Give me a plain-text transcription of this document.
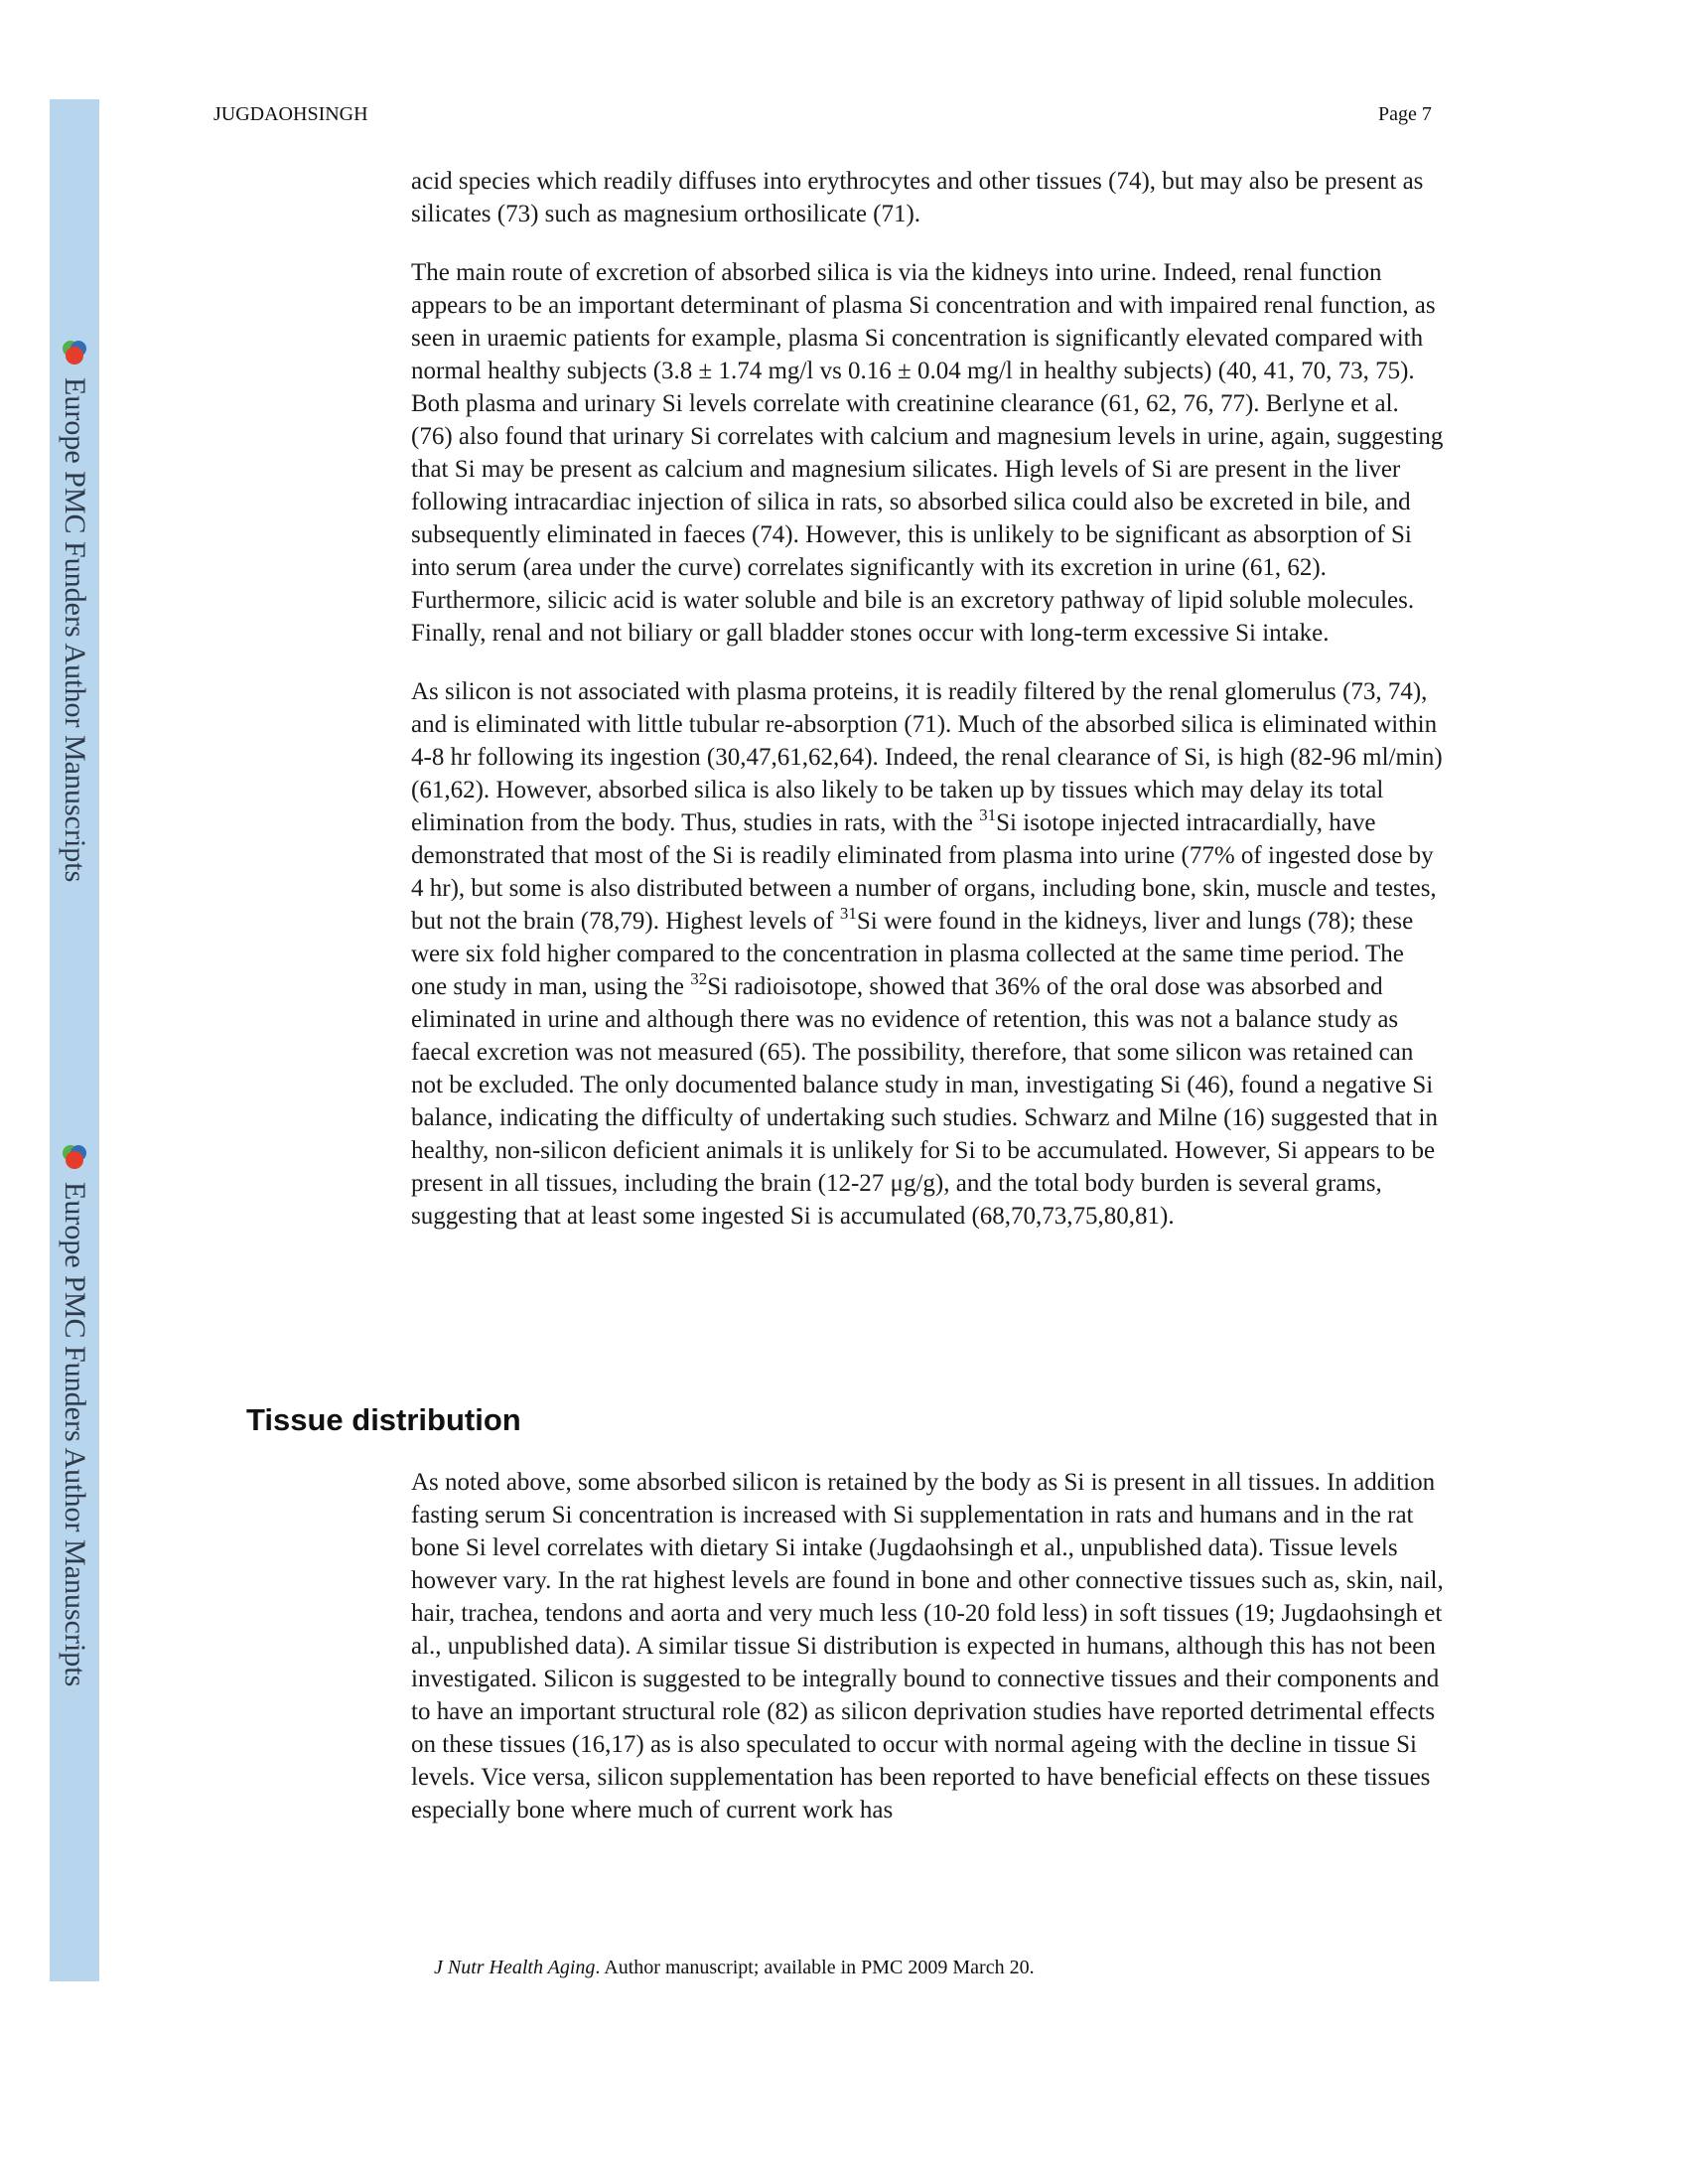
Europe PMC Funders Author Manuscripts
Europe PMC Funders Author Manuscripts
JUGDAOHSINGH	Page 7

acid species which readily diffuses into erythrocytes and other tissues (74), but may also be present as silicates (73) such as magnesium orthosilicate (71).

The main route of excretion of absorbed silica is via the kidneys into urine. Indeed, renal function appears to be an important determinant of plasma Si concentration and with impaired renal function, as seen in uraemic patients for example, plasma Si concentration is significantly elevated compared with normal healthy subjects (3.8 ± 1.74 mg/l vs 0.16 ± 0.04 mg/l in healthy subjects) (40, 41, 70, 73, 75). Both plasma and urinary Si levels correlate with creatinine clearance (61, 62, 76, 77). Berlyne et al. (76) also found that urinary Si correlates with calcium and magnesium levels in urine, again, suggesting that Si may be present as calcium and magnesium silicates. High levels of Si are present in the liver following intracardiac injection of silica in rats, so absorbed silica could also be excreted in bile, and subsequently eliminated in faeces (74). However, this is unlikely to be significant as absorption of Si into serum (area under the curve) correlates significantly with its excretion in urine (61, 62). Furthermore, silicic acid is water soluble and bile is an excretory pathway of lipid soluble molecules. Finally, renal and not biliary or gall bladder stones occur with long-term excessive Si intake.

As silicon is not associated with plasma proteins, it is readily filtered by the renal glomerulus (73, 74), and is eliminated with little tubular re-absorption (71). Much of the absorbed silica is eliminated within 4-8 hr following its ingestion (30,47,61,62,64). Indeed, the renal clearance of Si, is high (82-96 ml/min) (61,62). However, absorbed silica is also likely to be taken up by tissues which may delay its total elimination from the body. Thus, studies in rats, with the $^{31}$Si isotope injected intracardially, have demonstrated that most of the Si is readily eliminated from plasma into urine (77% of ingested dose by 4 hr), but some is also distributed between a number of organs, including bone, skin, muscle and testes, but not the brain (78,79). Highest levels of $^{31}$Si were found in the kidneys, liver and lungs (78); these were six fold higher compared to the concentration in plasma collected at the same time period. The one study in man, using the $^{32}$Si radioisotope, showed that 36% of the oral dose was absorbed and eliminated in urine and although there was no evidence of retention, this was not a balance study as faecal excretion was not measured (65). The possibility, therefore, that some silicon was retained can not be excluded. The only documented balance study in man, investigating Si (46), found a negative Si balance, indicating the difficulty of undertaking such studies. Schwarz and Milne (16) suggested that in healthy, non-silicon deficient animals it is unlikely for Si to be accumulated. However, Si appears to be present in all tissues, including the brain (12-27 μg/g), and the total body burden is several grams, suggesting that at least some ingested Si is accumulated (68,70,73,75,80,81).

Tissue distribution

As noted above, some absorbed silicon is retained by the body as Si is present in all tissues. In addition fasting serum Si concentration is increased with Si supplementation in rats and humans and in the rat bone Si level correlates with dietary Si intake (Jugdaohsingh et al., unpublished data). Tissue levels however vary. In the rat highest levels are found in bone and other connective tissues such as, skin, nail, hair, trachea, tendons and aorta and very much less (10-20 fold less) in soft tissues (19; Jugdaohsingh et al., unpublished data). A similar tissue Si distribution is expected in humans, although this has not been investigated. Silicon is suggested to be integrally bound to connective tissues and their components and to have an important structural role (82) as silicon deprivation studies have reported detrimental effects on these tissues (16,17) as is also speculated to occur with normal ageing with the decline in tissue Si levels. Vice versa, silicon supplementation has been reported to have beneficial effects on these tissues especially bone where much of current work has

J Nutr Health Aging. Author manuscript; available in PMC 2009 March 20.
